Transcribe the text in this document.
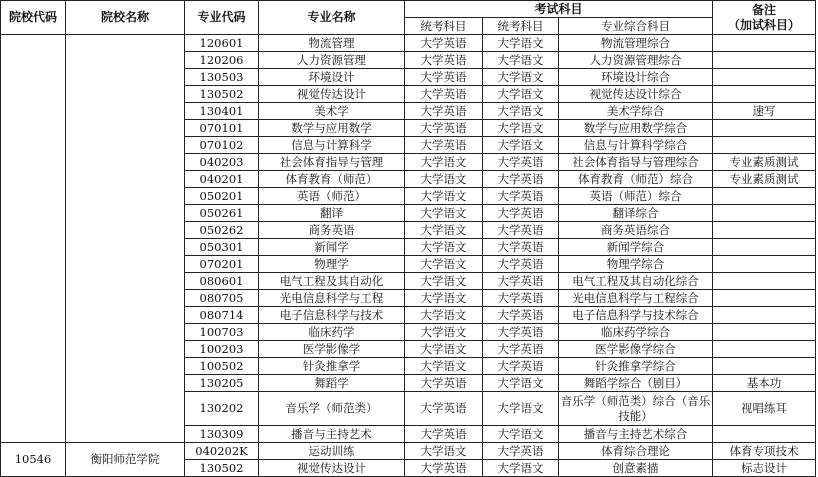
院校代码	院校名称	专业代码	专业名称	考试科目			备注
（加试科目）

				统考科目	统考科目	专业综合科目	
		120601	物流管理	大学英语	大学语文	物流管理综合	
		120206	人力资源管理	大学英语	大学语文	人力资源管理综合	
		130503	环境设计	大学英语	大学语文	环境设计综合	
		130502	视觉传达设计	大学英语	大学语文	视觉传达设计综合	
		130401	美术学	大学英语	大学语文	美术学综合	速写
		070101	数学与应用数学	大学英语	大学语文	数学与应用数学综合	
		070102	信息与计算科学	大学英语	大学语文	信息与计算科学综合	
		040203	社会体育指导与管理	大学语文	大学英语	社会体育指导与管理综合	专业素质测试
		040201	体育教育（师范）	大学语文	大学英语	体育教育（师范）综合	专业素质测试
		050201	英语（师范）	大学语文	大学英语	英语（师范）综合	
		050261	翻译	大学语文	大学英语	翻译综合	
		050262	商务英语	大学语文	大学英语	商务英语综合	
		050301	新闻学	大学语文	大学英语	新闻学综合	
		070201	物理学	大学语文	大学英语	物理学综合	
		080601	电气工程及其自动化	大学语文	大学英语	电气工程及其自动化综合	
		080705	光电信息科学与工程	大学语文	大学英语	光电信息科学与工程综合	
		080714	电子信息科学与技术	大学语文	大学英语	电子信息科学与技术综合	
		100703	临床药学	大学语文	大学英语	临床药学综合	
		100203	医学影像学	大学语文	大学英语	医学影像学综合	
		100502	针灸推拿学	大学语文	大学英语	针灸推拿学综合	
		130205	舞蹈学	大学英语	大学语文	舞蹈学综合（剧目）	基本功
		130202	音乐学（师范类）	大学英语	大学语文	音乐学（师范类）综合（音乐技能）	视唱练耳
		130309	播音与主持艺术	大学英语	大学语文	播音与主持艺术综合	
10546	衡阳师范学院	040202K	运动训练	大学语文	大学英语	体育综合理论	体育专项技术
		130502	视觉传达设计	大学英语	大学语文	创意素描	标志设计
